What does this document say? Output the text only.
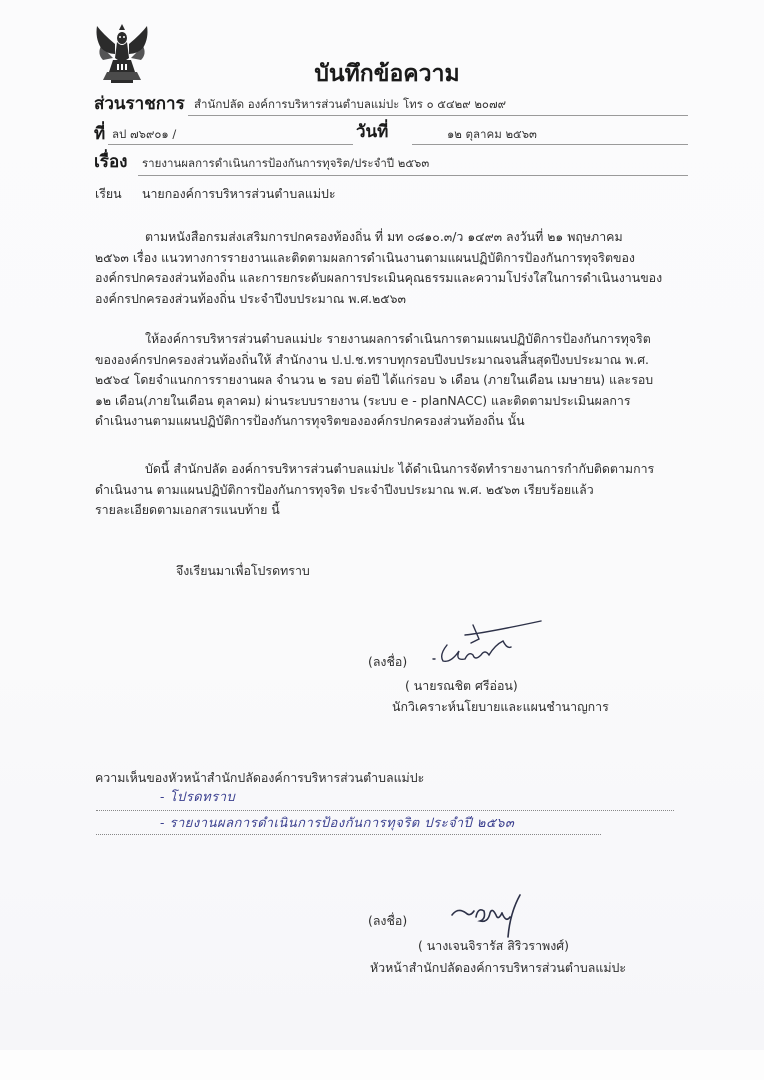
บันทึกข้อความ
ส่วนราชการ สำนักปลัด องค์การบริหารส่วนตำบลแม่ปะ โทร ๐ ๕๔๒๙ ๒๐๗๙
ที่ ลป ๗๖๙๐๑ /	วันที่	๑๒ ตุลาคม ๒๕๖๓
เรื่อง รายงานผลการดำเนินการป้องกันการทุจริต/ประจำปี ๒๕๖๓
เรียน นายกองค์การบริหารส่วนตำบลแม่ปะ
ตามหนังสือกรมส่งเสริมการปกครองท้องถิ่น ที่ มท ๐๘๑๐.๓/ว ๑๔๙๓ ลงวันที่ ๒๑ พฤษภาคม
๒๕๖๓ เรื่อง แนวทางการรายงานและติดตามผลการดำเนินงานตามแผนปฏิบัติการป้องกันการทุจริตของ
องค์กรปกครองส่วนท้องถิ่น และการยกระดับผลการประเมินคุณธรรมและความโปร่งใสในการดำเนินงานของ
องค์กรปกครองส่วนท้องถิ่น ประจำปีงบประมาณ พ.ศ.๒๕๖๓
ให้องค์การบริหารส่วนตำบลแม่ปะ รายงานผลการดำเนินการตามแผนปฏิบัติการป้องกันการทุจริต
ขององค์กรปกครองส่วนท้องถิ่นให้ สำนักงาน ป.ป.ช.ทราบทุกรอบปีงบประมาณจนสิ้นสุดปีงบประมาณ พ.ศ.
๒๕๖๔ โดยจำแนกการรายงานผล จำนวน ๒ รอบ ต่อปี ได้แก่รอบ ๖ เดือน (ภายในเดือน เมษายน) และรอบ
๑๒ เดือน(ภายในเดือน ตุลาคม) ผ่านระบบรายงาน (ระบบ e - planNACC) และติดตามประเมินผลการ
ดำเนินงานตามแผนปฏิบัติการป้องกันการทุจริตขององค์กรปกครองส่วนท้องถิ่น นั้น
บัดนี้ สำนักปลัด องค์การบริหารส่วนตำบลแม่ปะ ได้ดำเนินการจัดทำรายงานการกำกับติดตามการ
ดำเนินงาน ตามแผนปฏิบัติการป้องกันการทุจริต ประจำปีงบประมาณ พ.ศ. ๒๕๖๓ เรียบร้อยแล้ว
รายละเอียดตามเอกสารแนบท้าย นี้
จึงเรียนมาเพื่อโปรดทราบ
(ลงชื่อ)
( นายรณชิต ศรีอ่อน)
นักวิเคราะห์นโยบายและแผนชำนาญการ
ความเห็นของหัวหน้าสำนักปลัดองค์การบริหารส่วนตำบลแม่ปะ
- โปรดทราบ
- รายงานผลการดำเนินการป้องกันการทุจริต ประจำปี ๒๕๖๓
(ลงชื่อ)
( นางเจนจิรารัส สิริวราพงศ์)
หัวหน้าสำนักปลัดองค์การบริหารส่วนตำบลแม่ปะ
